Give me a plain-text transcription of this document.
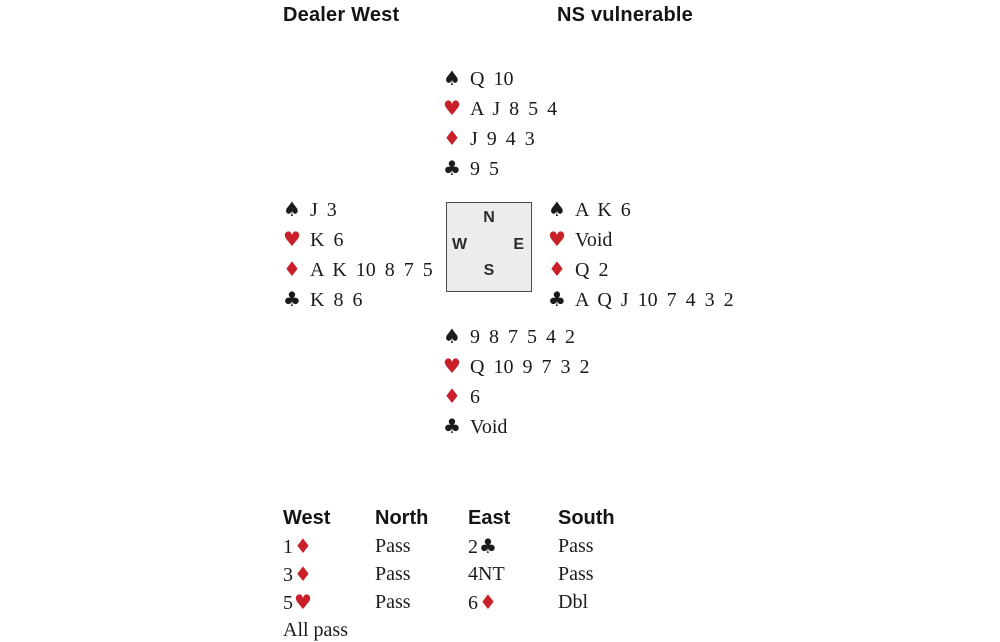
Dealer West	NS vulnerable
♠ Q 10
♥ A J 8 5 4
♦ J 9 4 3
♣ 9 5
♠ J 3
♥ K 6
♦ A K 10 8 7 5
♣ K 8 6
N
W	E
S
♠ A K 6
♥ Void
♦ Q 2
♣ A Q J 10 7 4 3 2
♠ 9 8 7 5 4 2
♥ Q 10 9 7 3 2
♦ 6
♣ Void
West	North	East	South
1♦	Pass	2♣	Pass
3♦	Pass	4NT	Pass
5♥	Pass	6♦	Dbl
All pass
